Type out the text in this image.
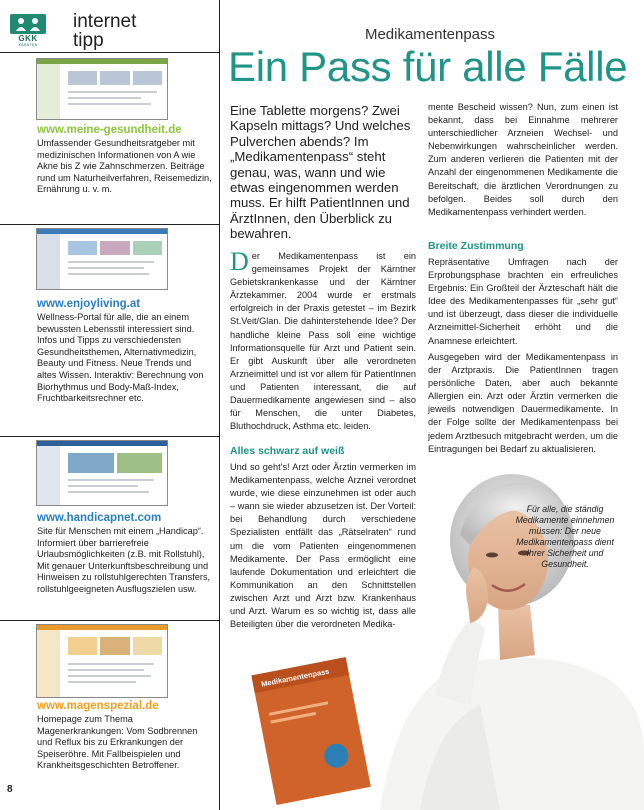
GKK
KÄRNTEN
internet
tipp
www.meine-gesundheit.de

Umfassender Gesundheitsratgeber mit medizinischen Informationen von A wie Akne bis Z wie Zahnschmerzen. Beiträge rund um Naturheilverfahren, Reisemedizin, Ernährung u. v. m.

www.enjoyliving.at

Wellness-Portal für alle, die an einem bewussten Lebensstil interessiert sind. Infos und Tipps zu verschiedensten Gesundheitsthemen, Alternativmedizin, Beauty und Fitness. Neue Trends und altes Wissen. Interaktiv: Berechnung von Biorhythmus und Body-Maß-Index, Fruchtbarkeitsrechner etc.

www.handicapnet.com

Site für Menschen mit einem „Handicap“. Informiert über barrierefreie Urlaubsmöglichkeiten (z.B. mit Rollstuhl), Mit genauer Unterkunftsbeschreibung und Hinweisen zu rollstuhlgerechten Transfers, rollstuhlgeeigneten Ausflugszielen usw.

www.magenspezial.de

Homepage zum Thema Magenerkrankungen: Vom Sodbrennen und Reflux bis zu Erkrankungen der Speiseröhre. Mit Fallbeispielen und Krankheitsgeschichten Betroffener.

8
Medikamentenpass
Ein Pass für alle Fälle

Eine Tablette morgens? Zwei Kapseln mittags? Und welches Pulverchen abends? Im „Medikamentenpass“ steht genau, was, wann und wie etwas eingenommen werden muss. Er hilft PatientInnen und ÄrztInnen, den Überblick zu bewahren.

Der Medikamentenpass ist ein gemeinsames Projekt der Kärntner Gebietskrankenkasse und der Kärntner Ärztekammer. 2004 wurde er erstmals erfolgreich in der Praxis getestet – im Bezirk St.Veit/Glan. Die dahinterstehende Idee? Der handliche kleine Pass soll eine wichtige Informationsquelle für Arzt und Patient sein. Er gibt Auskunft über alle verordneten Arzneimittel und ist vor allem für PatientInnen und Patienten interessant, die auf Dauermedikamente angewiesen sind – also für Menschen, die unter Diabetes, Bluthochdruck, Asthma etc. leiden.

Alles schwarz auf weiß

Und so geht's! Arzt oder Ärztin vermerken im Medikamentenpass, welche Arznei verordnet wurde, wie diese einzunehmen ist oder auch – wann sie wieder abzusetzen ist. Der Vorteil: bei Behandlung durch verschiedene Spezialisten entfällt das „Rätselraten“ rund um die vom Patienten eingenommenen Medikamente. Der Pass ermöglicht eine laufende Dokumentation und erleichtert die Kommunikation an den Schnittstellen zwischen Arzt und Arzt bzw. Krankenhaus und Arzt. Warum es so wichtig ist, dass alle Beteiligten über die verordneten Medika-

mente Bescheid wissen? Nun, zum einen ist bekannt, dass bei Einnahme mehrerer unterschiedlicher Arzneien Wechsel- und Nebenwirkungen wahrscheinlicher werden. Zum anderen verlieren die Patienten mit der Anzahl der eingenommenen Medikamente die Bereitschaft, die ärztlichen Verordnungen zu befolgen. Beides soll durch den Medikamentenpass verhindert werden.

Breite Zustimmung

Repräsentative Umfragen nach der Erprobungsphase brachten ein erfreuliches Ergebnis: Ein Großteil der Ärzteschaft hält die Idee des Medikamentenpasses für „sehr gut“ und ist überzeugt, dass dieser die individuelle Arzneimittel-Sicherheit erhöht und die Anamnese erleichtert.

Ausgegeben wird der Medikamentenpass in der Arztpraxis. Die PatientInnen tragen persönliche Daten, aber auch bekannte Allergien ein. Arzt oder Ärztin vermerken die jeweils notwendigen Dauermedikamente. In der Folge sollte der Medikamentenpass bei jedem Arztbesuch mitgebracht werden, um die Eintragungen bei Bedarf zu aktualisieren.

Medikamentenpass
Für alle, die ständig Medikamente einnehmen müssen: Der neue Medikamentenpass dient Ihrer Sicherheit und Gesundheit.
